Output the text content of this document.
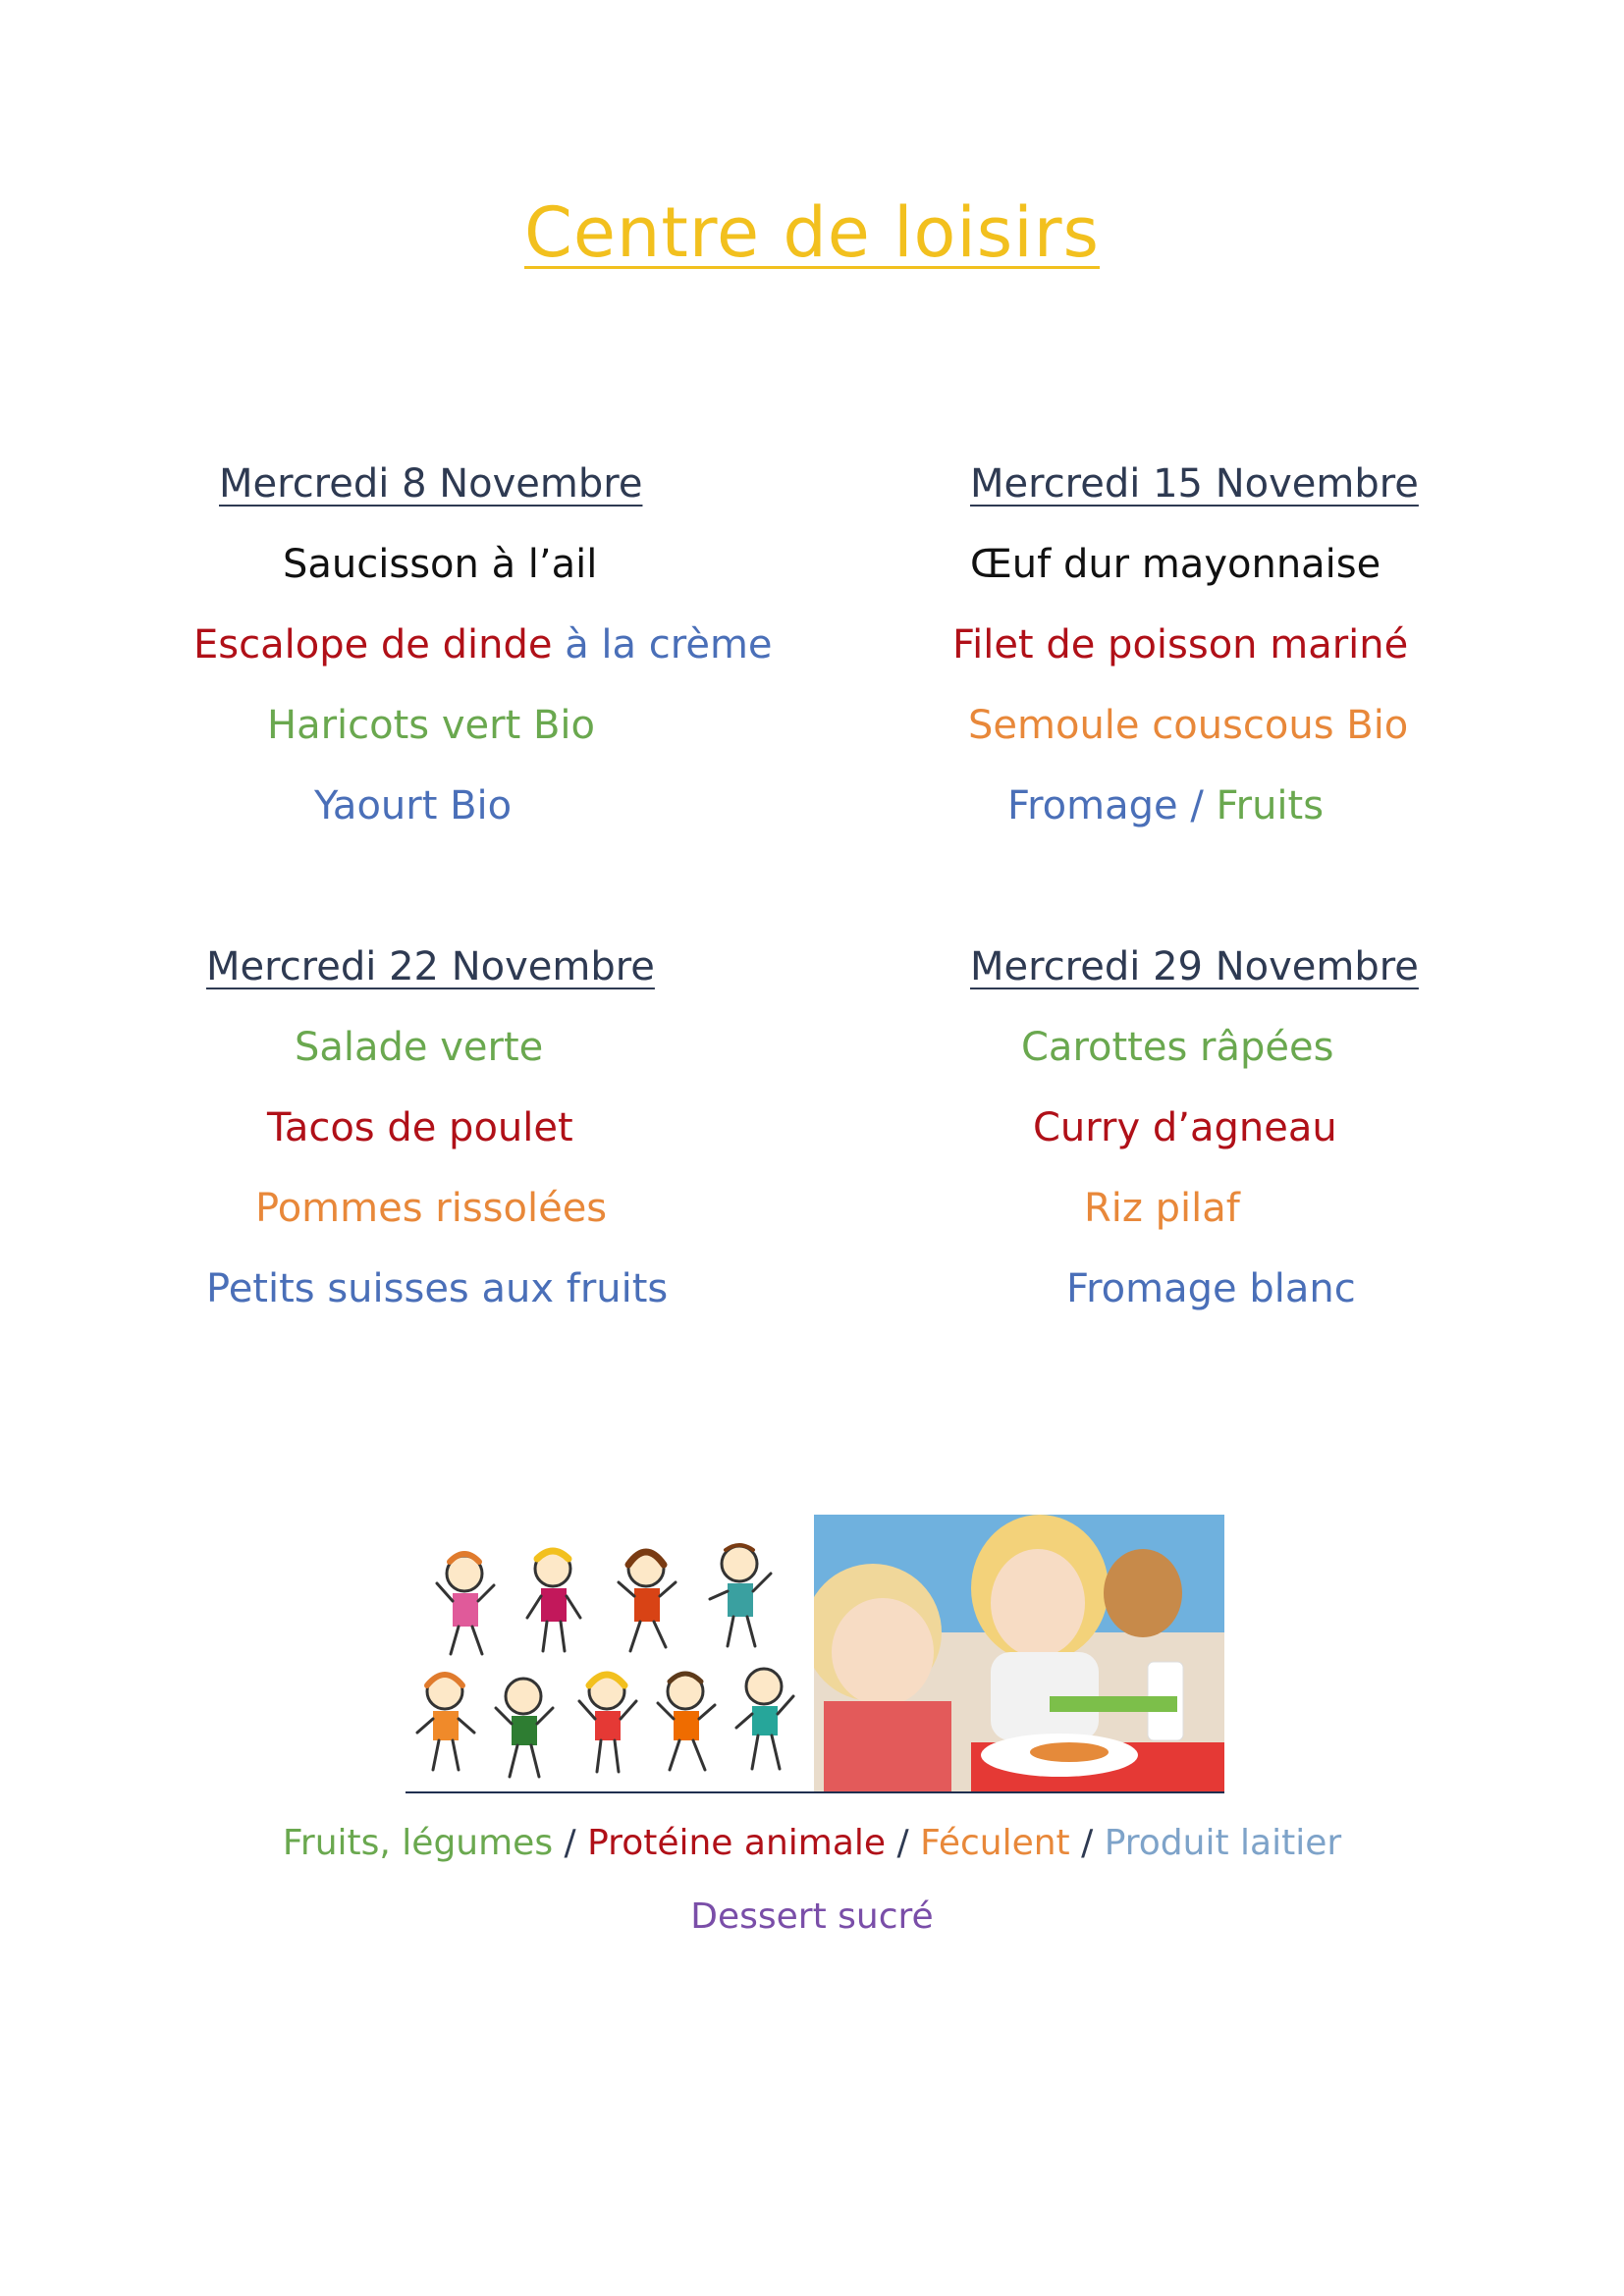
Centre de loisirs
Mercredi 8 Novembre
Saucisson à l’ail
Escalope de dinde à la crème
Haricots vert Bio
Yaourt Bio
Mercredi 15 Novembre
Œuf dur mayonnaise
Filet de poisson mariné
Semoule couscous Bio
Fromage / Fruits
Mercredi 22 Novembre
Salade verte
Tacos de poulet
Pommes rissolées
Petits suisses aux fruits
Mercredi 29 Novembre
Carottes râpées
Curry d’agneau
Riz pilaf
Fromage blanc
Fruits, légumes / Protéine animale / Féculent / Produit laitier
Dessert sucré
